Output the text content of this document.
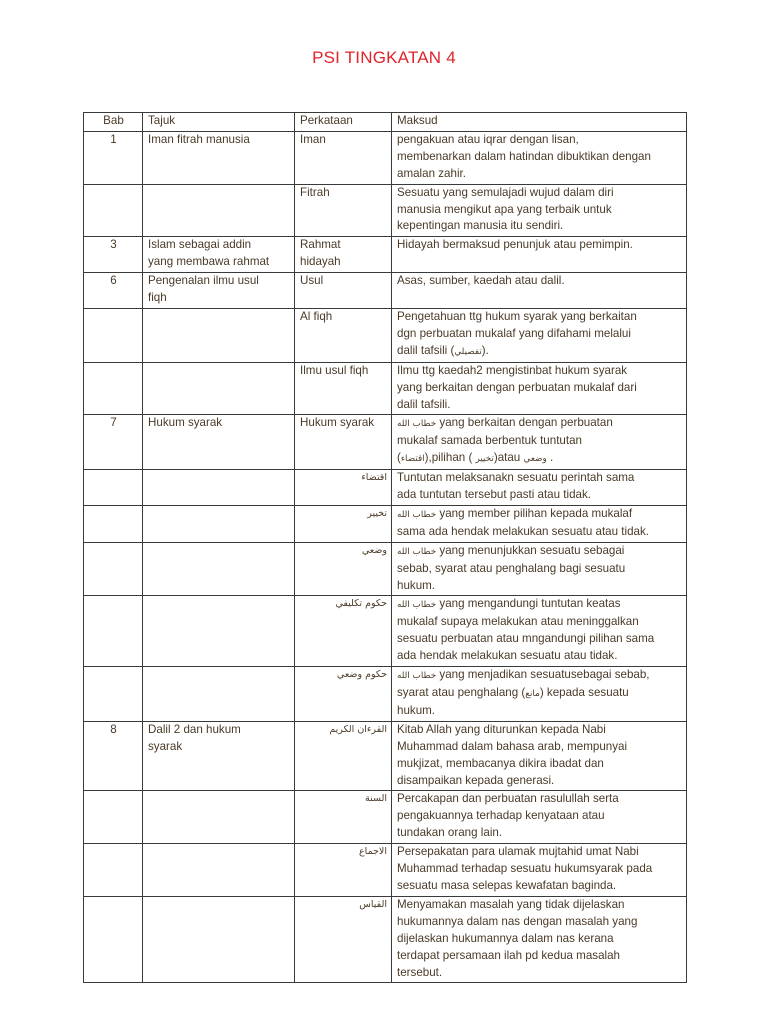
PSI TINGKATAN 4
Bab	Tajuk	Perkataan	Maksud
1	Iman fitrah manusia	Iman	pengakuan atau iqrar dengan lisan,
membenarkan dalam hatindan dibuktikan dengan
amalan zahir.

		Fitrah	Sesuatu yang semulajadi wujud dalam diri
manusia mengikut apa yang terbaik untuk
kepentingan manusia itu sendiri.

3	Islam sebagai addin
yang membawa rahmat	Rahmat
hidayah	Hidayah bermaksud penunjuk atau pemimpin.

6	Pengenalan ilmu usul
fiqh	Usul	Asas, sumber, kaedah atau dalil.

		Al fiqh	Pengetahuan ttg hukum syarak yang berkaitan
dgn perbuatan mukalaf yang difahami melalui
dalil tafsili (تفصيلي).

		Ilmu usul fiqh	Ilmu ttg kaedah2 mengistinbat hukum syarak
yang berkaitan dengan perbuatan mukalaf dari
dalil tafsili.

7	Hukum syarak	Hukum syarak	خطاب الله yang berkaitan dengan perbuatan
mukalaf samada berbentuk tuntutan
(اقتضاء),pilihan ( تخيير)atau وضعي .

		اقتضاء	Tuntutan melaksanakn sesuatu perintah sama
ada tuntutan tersebut pasti atau tidak.

		تخيير	خطاب الله yang member pilihan kepada mukalaf
sama ada hendak melakukan sesuatu atau tidak.

		وضعي	خطاب الله yang menunjukkan sesuatu sebagai
sebab, syarat atau penghalang bagi sesuatu
hukum.

		حكوم تكليفي	خطاب الله yang mengandungi tuntutan keatas
mukalaf supaya melakukan atau meninggalkan
sesuatu perbuatan atau mngandungi pilihan sama
ada hendak melakukan sesuatu atau tidak.

		حكوم وضعي	خطاب الله yang menjadikan sesuatusebagai sebab,
syarat atau penghalang (مانع) kepada sesuatu
hukum.

8	Dalil 2 dan hukum
syarak	القرءان الكريم	Kitab Allah yang diturunkan kepada Nabi
Muhammad dalam bahasa arab, mempunyai
mukjizat, membacanya dikira ibadat dan
disampaikan kepada generasi.

		السنة	Percakapan dan perbuatan rasulullah serta
pengakuannya terhadap kenyataan atau
tundakan orang lain.

		الاجماع	Persepakatan para ulamak mujtahid umat Nabi
Muhammad terhadap sesuatu hukumsyarak pada
sesuatu masa selepas kewafatan baginda.

		القياس	Menyamakan masalah yang tidak dijelaskan
hukumannya dalam nas dengan masalah yang
dijelaskan hukumannya dalam nas kerana
terdapat persamaan ilah pd kedua masalah
tersebut.
